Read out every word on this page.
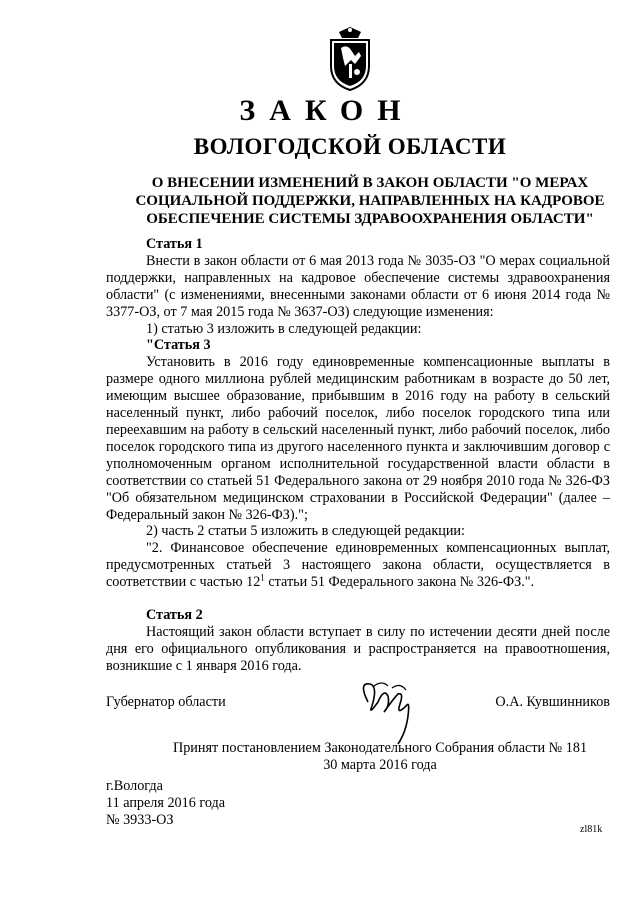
ЗАКОН
ВОЛОГОДСКОЙ ОБЛАСТИ
О ВНЕСЕНИИ ИЗМЕНЕНИЙ В ЗАКОН ОБЛАСТИ "О МЕРАХ
СОЦИАЛЬНОЙ ПОДДЕРЖКИ, НАПРАВЛЕННЫХ НА КАДРОВОЕ
ОБЕСПЕЧЕНИЕ СИСТЕМЫ ЗДРАВООХРАНЕНИЯ ОБЛАСТИ"

Статья 1

Внести в закон области от 6 мая 2013 года № 3035-ОЗ "О мерах социальной поддержки, направленных на кадровое обеспечение системы здравоохранения области" (с изменениями, внесенными законами области от 6 июня 2014 года № 3377-ОЗ, от 7 мая 2015 года № 3637-ОЗ) следующие изменения:

1) статью 3 изложить в следующей редакции:

"Статья 3

Установить в 2016 году единовременные компенсационные выплаты в размере одного миллиона рублей медицинским работникам в возрасте до 50 лет, имеющим высшее образование, прибывшим в 2016 году на работу в сельский населенный пункт, либо рабочий поселок, либо поселок городского типа или переехавшим на работу в сельский населенный пункт, либо рабочий поселок, либо поселок городского типа из другого населенного пункта и заключившим договор с уполномоченным органом исполнительной государственной власти области в соответствии со статьей 51 Федерального закона от 29 ноября 2010 года № 326-ФЗ "Об обязательном медицинском страховании в Российской Федерации" (далее – Федеральный закон № 326-ФЗ).";

2) часть 2 статьи 5 изложить в следующей редакции:

"2. Финансовое обеспечение единовременных компенсационных выплат, предусмотренных статьей 3 настоящего закона области, осуществляется в соответствии с частью $12^1$ статьи 51 Федерального закона № 326-ФЗ.".

Статья 2

Настоящий закон области вступает в силу по истечении десяти дней после дня его официального опубликования и распространяется на правоотношения, возникшие с 1 января 2016 года.

Губернатор области	О.А. Кувшинников
Принят постановлением Законодательного Собрания области № 181
30 марта 2016 года
г.Вологда
11 апреля 2016 года
№ 3933-ОЗ
zl81k
